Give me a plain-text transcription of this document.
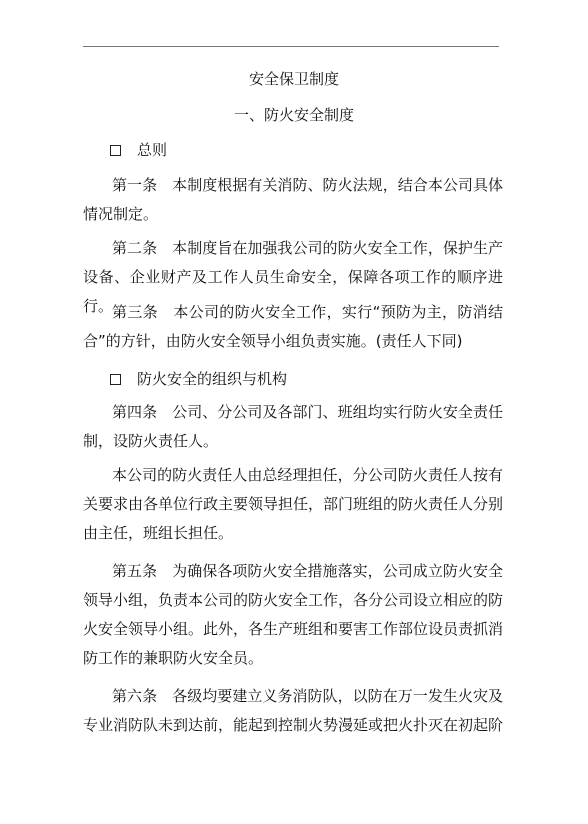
安全保卫制度
一、防火安全制度
总则
第一条　本制度根据有关消防、防火法规，结合本公司具体情况制定。
第二条　本制度旨在加强我公司的防火安全工作，保护生产设备、企业财产及工作人员生命安全，保障各项工作的顺序进行。
第三条　本公司的防火安全工作，实行“预防为主，防消结合”的方针，由防火安全领导小组负责实施。(责任人下同)
防火安全的组织与机构
第四条　公司、分公司及各部门、班组均实行防火安全责任制，设防火责任人。
本公司的防火责任人由总经理担任，分公司防火责任人按有关要求由各单位行政主要领导担任，部门班组的防火责任人分别由主任，班组长担任。
第五条　为确保各项防火安全措施落实，公司成立防火安全领导小组，负责本公司的防火安全工作，各分公司设立相应的防火安全领导小组。此外，各生产班组和要害工作部位设员责抓消防工作的兼职防火安全员。
第六条　各级均要建立义务消防队，以防在万一发生火灾及专业消防队未到达前，能起到控制火势漫延或把火扑灭在初起阶
